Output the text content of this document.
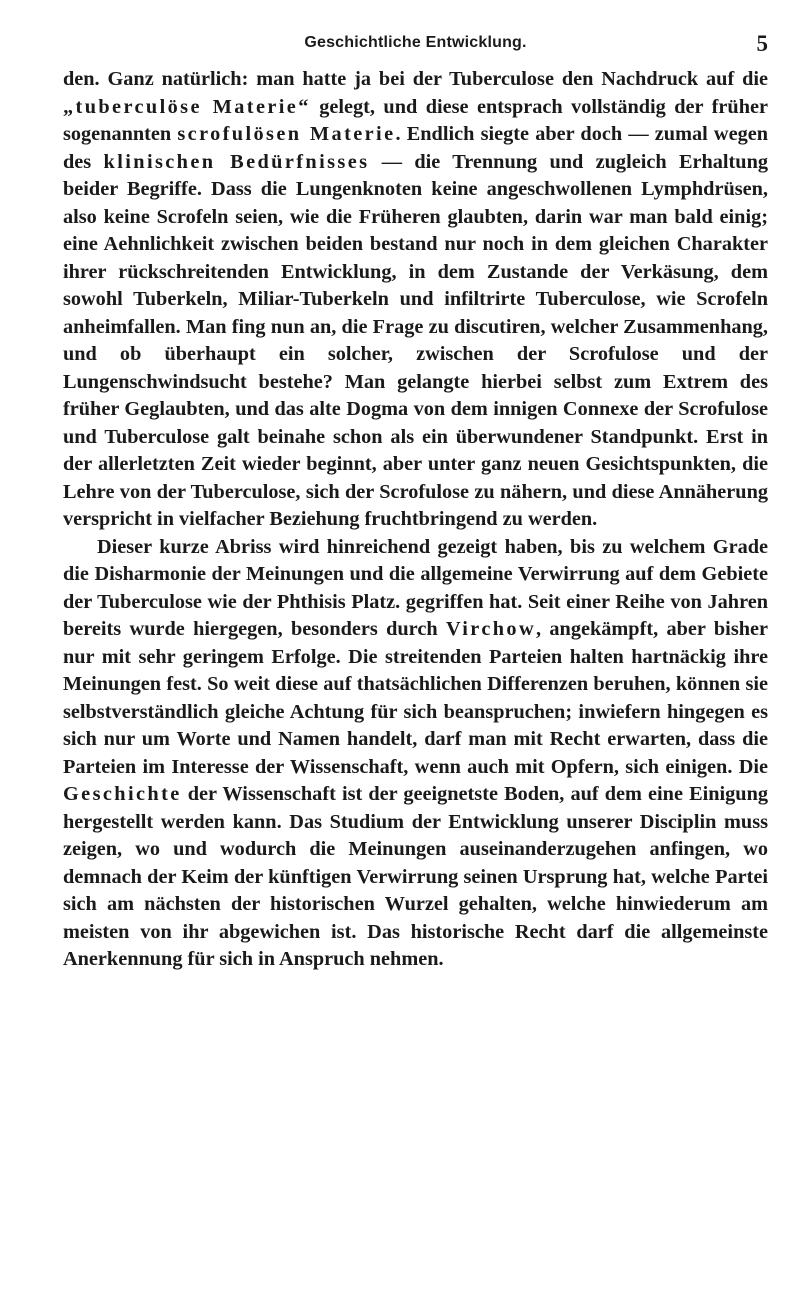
Geschichtliche Entwicklung.	5

den. Ganz natürlich: man hatte ja bei der Tuberculose den Nachdruck auf die „tuberculöse Materie“ gelegt, und diese entsprach vollständig der früher sogenannten scrofulösen Materie. Endlich siegte aber doch — zumal wegen des klinischen Bedürfnisses — die Trennung und zugleich Erhaltung beider Begriffe. Dass die Lungenknoten keine angeschwollenen Lymphdrüsen, also keine Scrofeln seien, wie die Früheren glaubten, darin war man bald einig; eine Aehnlichkeit zwischen beiden bestand nur noch in dem gleichen Charakter ihrer rückschreitenden Entwicklung, in dem Zustande der Verkäsung, dem sowohl Tuberkeln, Miliar-Tuberkeln und infiltrirte Tuberculose, wie Scrofeln anheimfallen. Man fing nun an, die Frage zu discutiren, welcher Zusammenhang, und ob überhaupt ein solcher, zwischen der Scrofulose und der Lungenschwindsucht bestehe? Man gelangte hierbei selbst zum Extrem des früher Geglaubten, und das alte Dogma von dem innigen Connexe der Scrofulose und Tuberculose galt beinahe schon als ein überwundener Standpunkt. Erst in der allerletzten Zeit wieder beginnt, aber unter ganz neuen Gesichtspunkten, die Lehre von der Tuberculose, sich der Scrofulose zu nähern, und diese Annäherung verspricht in vielfacher Beziehung fruchtbringend zu werden.

Dieser kurze Abriss wird hinreichend gezeigt haben, bis zu welchem Grade die Disharmonie der Meinungen und die allgemeine Verwirrung auf dem Gebiete der Tuberculose wie der Phthisis Platz. gegriffen hat. Seit einer Reihe von Jahren bereits wurde hiergegen, besonders durch Virchow, angekämpft, aber bisher nur mit sehr geringem Erfolge. Die streitenden Parteien halten hartnäckig ihre Meinungen fest. So weit diese auf thatsächlichen Differenzen beruhen, können sie selbstverständlich gleiche Achtung für sich beanspruchen; inwiefern hingegen es sich nur um Worte und Namen handelt, darf man mit Recht erwarten, dass die Parteien im Interesse der Wissenschaft, wenn auch mit Opfern, sich einigen. Die Geschichte der Wissenschaft ist der geeignetste Boden, auf dem eine Einigung hergestellt werden kann. Das Studium der Entwicklung unserer Disciplin muss zeigen, wo und wodurch die Meinungen auseinanderzugehen anfingen, wo demnach der Keim der künftigen Verwirrung seinen Ursprung hat, welche Partei sich am nächsten der historischen Wurzel gehalten, welche hinwiederum am meisten von ihr abgewichen ist. Das historische Recht darf die allgemeinste Anerkennung für sich in Anspruch nehmen.
